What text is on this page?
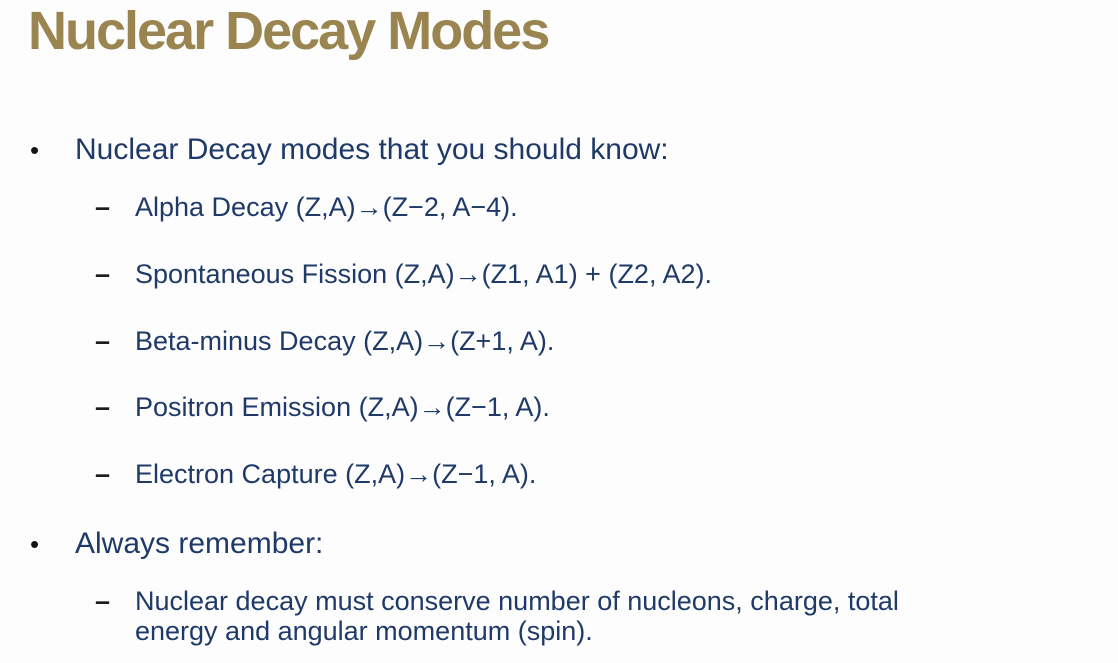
Nuclear Decay Modes
•	Nuclear Decay modes that you should know:
– Alpha Decay (Z,A)→(Z−2, A−4).
– Spontaneous Fission (Z,A)→(Z1, A1) + (Z2, A2).
– Beta-minus Decay (Z,A)→(Z+1, A).
– Positron Emission (Z,A)→(Z−1, A).
– Electron Capture (Z,A)→(Z−1, A).
•	Always remember:
– Nuclear decay must conserve number of nucleons, charge, total
energy and angular momentum (spin).
